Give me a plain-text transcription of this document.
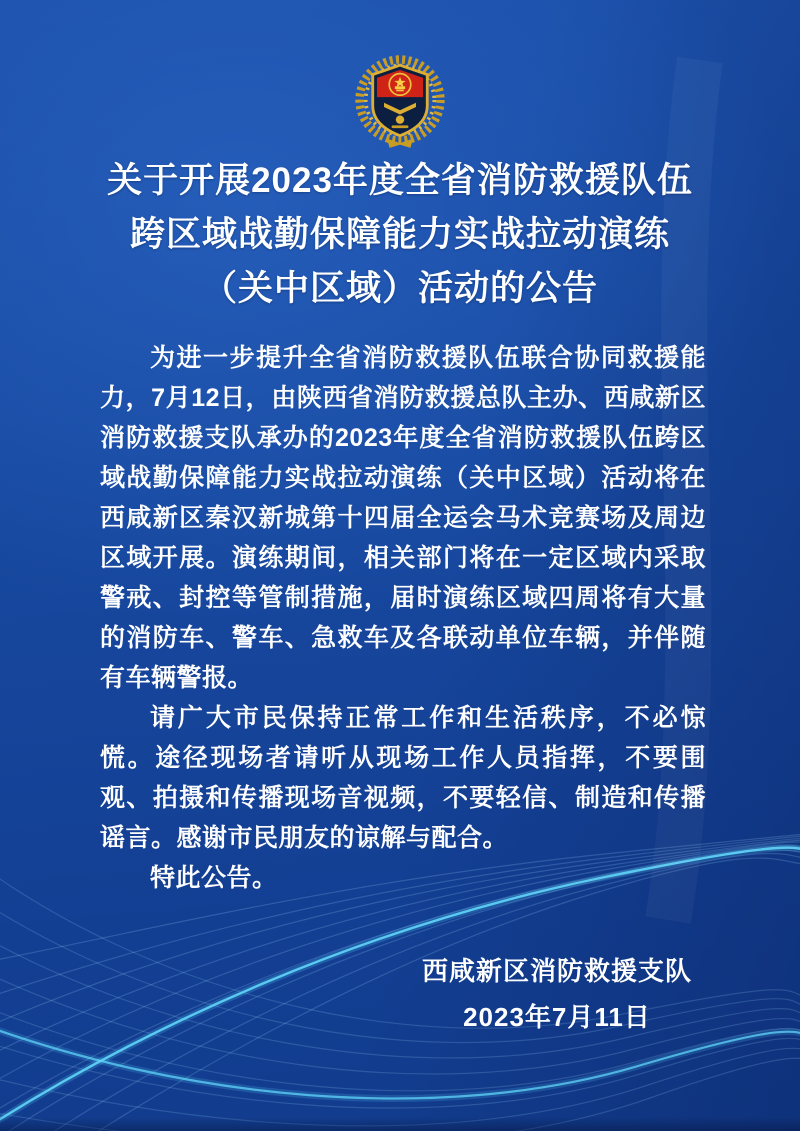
关于开展2023年度全省消防救援队伍
跨区域战勤保障能力实战拉动演练
（关中区域）活动的公告

为进一步提升全省消防救援队伍联合协同救援能力，7月12日，由陕西省消防救援总队主办、西咸新区消防救援支队承办的2023年度全省消防救援队伍跨区域战勤保障能力实战拉动演练（关中区域）活动将在西咸新区秦汉新城第十四届全运会马术竞赛场及周边区域开展。演练期间，相关部门将在一定区域内采取警戒、封控等管制措施，届时演练区域四周将有大量的消防车、警车、急救车及各联动单位车辆，并伴随有车辆警报。

请广大市民保持正常工作和生活秩序，不必惊慌。途径现场者请听从现场工作人员指挥，不要围观、拍摄和传播现场音视频，不要轻信、制造和传播谣言。感谢市民朋友的谅解与配合。

特此公告。

西咸新区消防救援支队
2023年7月11日
